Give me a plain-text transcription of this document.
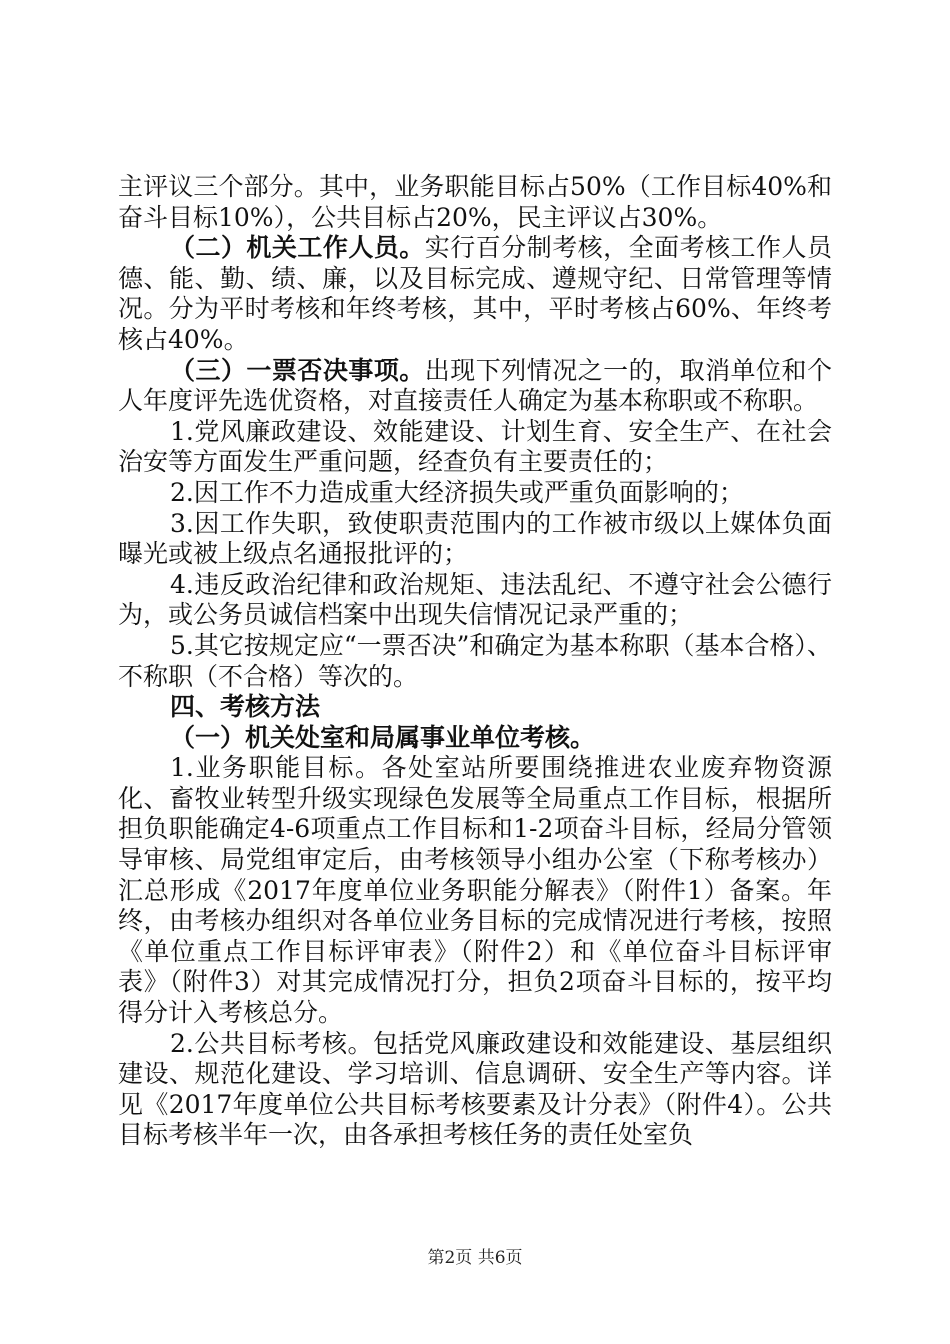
主评议三个部分。其中，业务职能目标占50%（工作目标40%和奋斗目标10%），公共目标占20%，民主评议占30%。

（二）机关工作人员。实行百分制考核，全面考核工作人员德、能、勤、绩、廉，以及目标完成、遵规守纪、日常管理等情况。分为平时考核和年终考核，其中，平时考核占60%、年终考核占40%。

（三）一票否决事项。出现下列情况之一的，取消单位和个人年度评先选优资格，对直接责任人确定为基本称职或不称职。

1.党风廉政建设、效能建设、计划生育、安全生产、在社会治安等方面发生严重问题，经查负有主要责任的；

2.因工作不力造成重大经济损失或严重负面影响的；

3.因工作失职，致使职责范围内的工作被市级以上媒体负面曝光或被上级点名通报批评的；

4.违反政治纪律和政治规矩、违法乱纪、不遵守社会公德行为，或公务员诚信档案中出现失信情况记录严重的；

5.其它按规定应“一票否决”和确定为基本称职（基本合格）、不称职（不合格）等次的。

四、考核方法

（一）机关处室和局属事业单位考核。

1.业务职能目标。各处室站所要围绕推进农业废弃物资源化、畜牧业转型升级实现绿色发展等全局重点工作目标，根据所担负职能确定4-6项重点工作目标和1-2项奋斗目标，经局分管领导审核、局党组审定后，由考核领导小组办公室（下称考核办）汇总形成《2017年度单位业务职能分解表》（附件1）备案。年终，由考核办组织对各单位业务目标的完成情况进行考核，按照《单位重点工作目标评审表》（附件2）和《单位奋斗目标评审表》（附件3）对其完成情况打分，担负2项奋斗目标的，按平均得分计入考核总分。

2.公共目标考核。包括党风廉政建设和效能建设、基层组织建设、规范化建设、学习培训、信息调研、安全生产等内容。详见《2017年度单位公共目标考核要素及计分表》（附件4）。公共目标考核半年一次，由各承担考核任务的责任处室负

第2页 共6页
